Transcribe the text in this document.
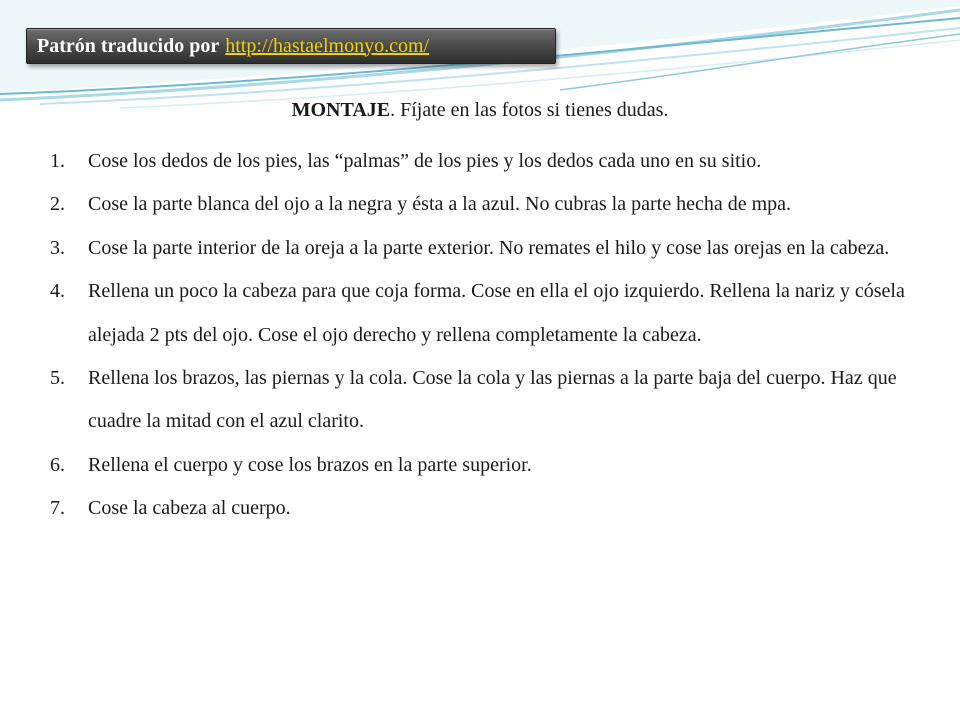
Patrón traducido por http://hastaelmonyo.com/
MONTAJE. Fíjate en las fotos si tienes dudas.
1.	Cose los dedos de los pies, las “palmas” de los pies y los dedos cada uno en su sitio.
2.	Cose la parte blanca del ojo a la negra y ésta a la azul. No cubras la parte hecha de mpa.
3.	Cose la parte interior de la oreja a la parte exterior. No remates el hilo y cose las orejas en la cabeza.
4.	Rellena un poco la cabeza para que coja forma. Cose en ella el ojo izquierdo. Rellena la nariz y cósela alejada 2 pts del ojo. Cose el ojo derecho y rellena completamente la cabeza.
5.	Rellena los brazos, las piernas y la cola. Cose la cola y las piernas a la parte baja del cuerpo. Haz que cuadre la mitad con el azul clarito.
6.	Rellena el cuerpo y cose los brazos en la parte superior.
7.	Cose la cabeza al cuerpo.
